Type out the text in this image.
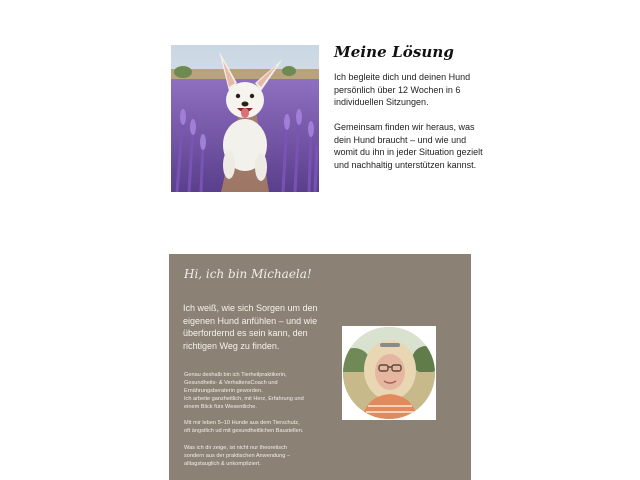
Meine Lösung

Ich begleite dich und deinen Hund persönlich über 12 Wochen in 6 individuellen Sitzungen.

Gemeinsam finden wir heraus, was dein Hund braucht – und wie und womit du ihn in jeder Situation gezielt und nachhaltig unterstützen kannst.

Hi, ich bin Michaela!

Ich weiß, wie sich Sorgen um den eigenen Hund anfühlen – und wie überfordernd es sein kann, den richtigen Weg zu finden.

Genau deshalb bin ich Tierheilpraktikerin,
Gesundheits- & VerhaltensCoach und
Ernährungsberaterin geworden.
Ich arbeite ganzheitlich, mit Herz, Erfahrung und
einem Blick fürs Wesentliche.

Mit mir leben 5–10 Hunde aus dem Tierschutz,
oft ängstlich ud mit gesundheitlichen Baustellen.

Was ich dir zeige, ist nicht nur theoretisch
sondern aus der praktischen Anwendung –
alltagstauglich & unkompliziert.
